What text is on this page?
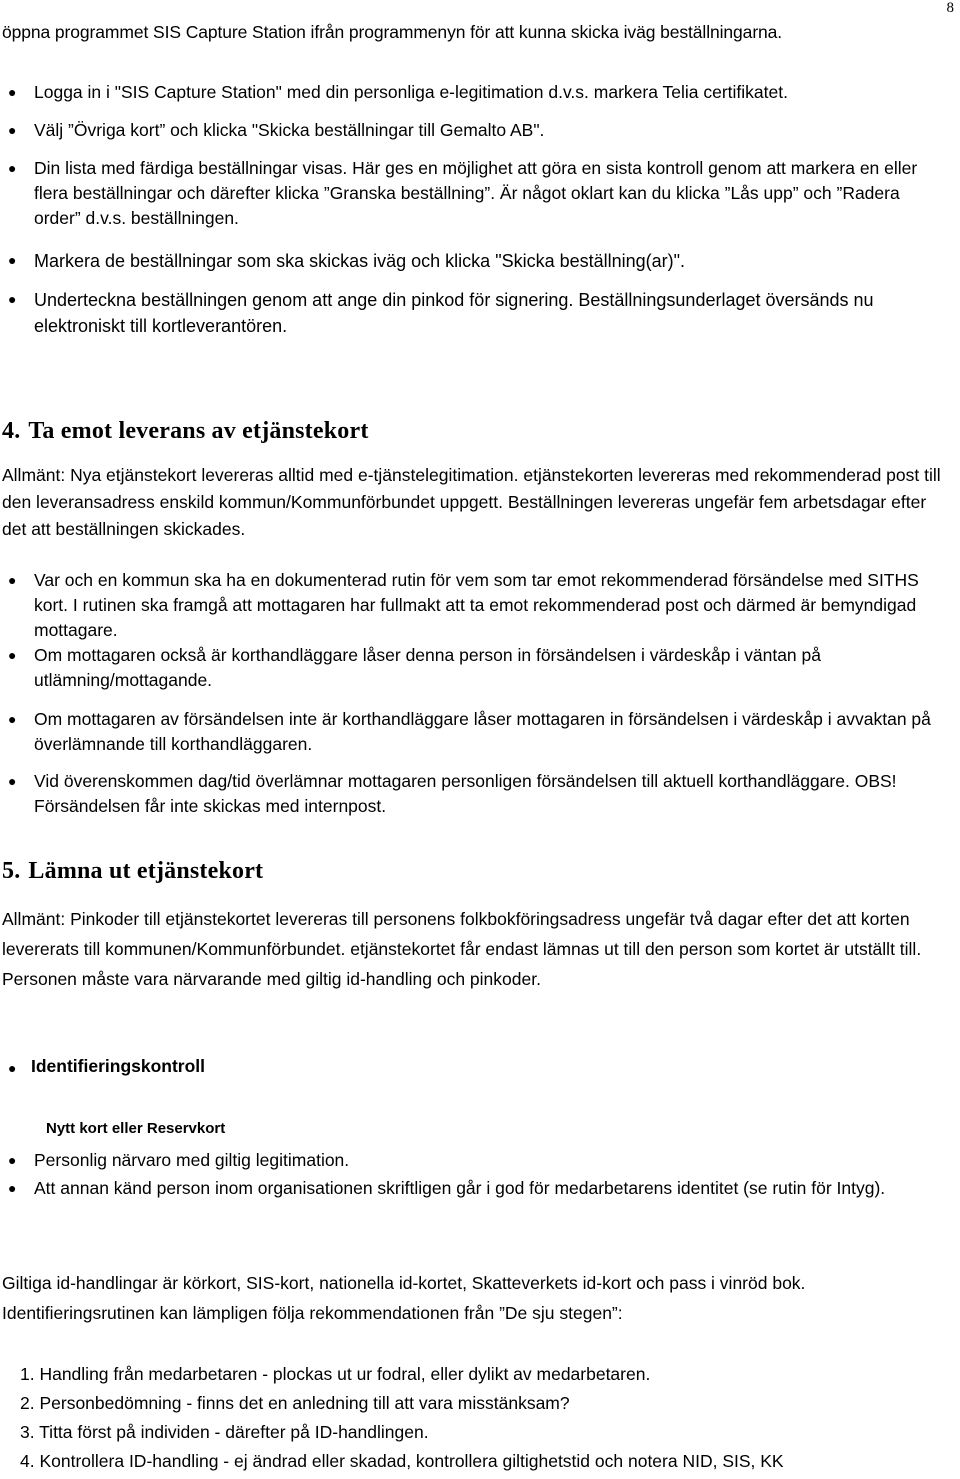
8
öppna programmet SIS Capture Station ifrån programmenyn för att kunna skicka iväg beställningarna.
● Logga in i "SIS Capture Station" med din personliga e-legitimation d.v.s. markera Telia certifikatet.
● Välj ”Övriga kort” och klicka "Skicka beställningar till Gemalto AB".
● Din lista med färdiga beställningar visas. Här ges en möjlighet att göra en sista kontroll genom att markera en eller flera beställningar och därefter klicka ”Granska beställning”. Är något oklart kan du klicka ”Lås upp” och ”Radera order” d.v.s. beställningen.
● Markera de beställningar som ska skickas iväg och klicka "Skicka beställning(ar)".
● Underteckna beställningen genom att ange din pinkod för signering. Beställningsunderlaget översänds nu elektroniskt till kortleverantören.
4. Ta emot leverans av etjänstekort
Allmänt: Nya etjänstekort levereras alltid med e-tjänstelegitimation. etjänstekorten levereras med rekommenderad post till den leveransadress enskild kommun/Kommunförbundet uppgett. Beställningen levereras ungefär fem arbetsdagar efter det att beställningen skickades.
● Var och en kommun ska ha en dokumenterad rutin för vem som tar emot rekommenderad försändelse med SITHS kort. I rutinen ska framgå att mottagaren har fullmakt att ta emot rekommenderad post och därmed är bemyndigad mottagare.
● Om mottagaren också är korthandläggare låser denna person in försändelsen i värdeskåp i väntan på utlämning/mottagande.
● Om mottagaren av försändelsen inte är korthandläggare låser mottagaren in försändelsen i värdeskåp i avvaktan på överlämnande till korthandläggaren.
● Vid överenskommen dag/tid överlämnar mottagaren personligen försändelsen till aktuell korthandläggare. OBS! Försändelsen får inte skickas med internpost.
5. Lämna ut etjänstekort
Allmänt: Pinkoder till etjänstekortet levereras till personens folkbokföringsadress ungefär två dagar efter det att korten levererats till kommunen/Kommunförbundet. etjänstekortet får endast lämnas ut till den person som kortet är utställt till. Personen måste vara närvarande med giltig id-handling och pinkoder.
● Identifieringskontroll
Nytt kort eller Reservkort
● Personlig närvaro med giltig legitimation.
● Att annan känd person inom organisationen skriftligen går i god för medarbetarens identitet (se rutin för Intyg).
Giltiga id-handlingar är körkort, SIS-kort, nationella id-kortet, Skatteverkets id-kort och pass i vinröd bok. Identifieringsrutinen kan lämpligen följa rekommendationen från ”De sju stegen”:
1. Handling från medarbetaren - plockas ut ur fodral, eller dylikt av medarbetaren.
2. Personbedömning - finns det en anledning till att vara misstänksam?
3. Titta först på individen - därefter på ID-handlingen.
4. Kontrollera ID-handling - ej ändrad eller skadad, kontrollera giltighetstid och notera NID, SIS, KK
